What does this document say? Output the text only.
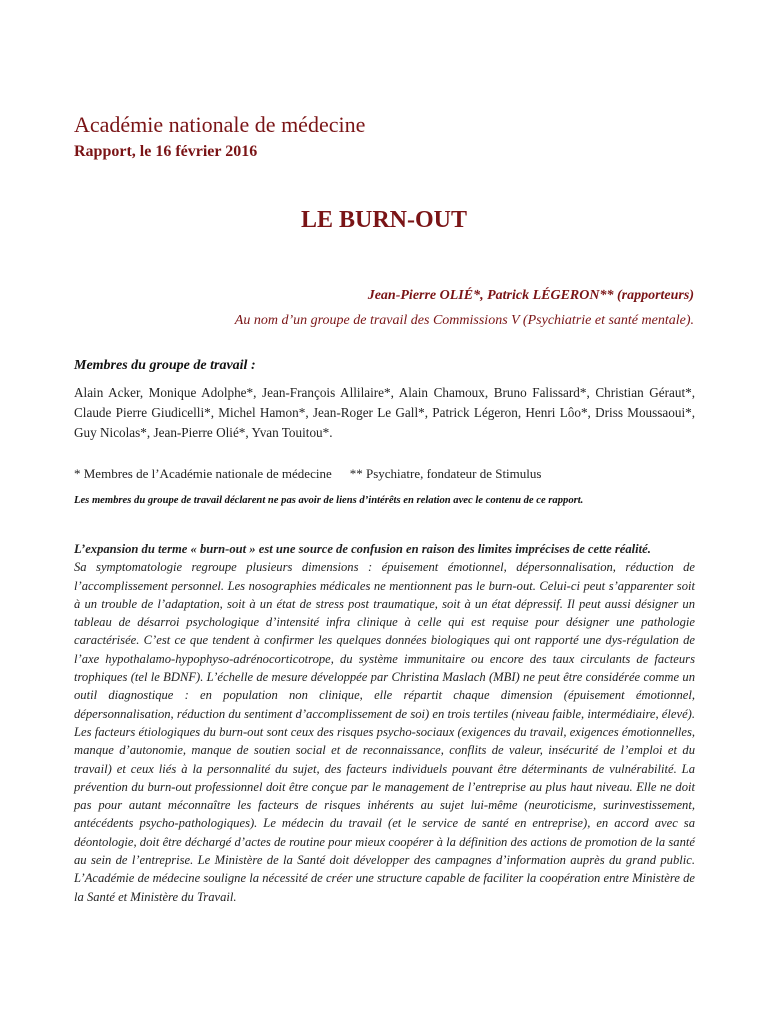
Académie nationale de médecine
Rapport, le 16 février 2016
LE BURN-OUT
Jean-Pierre OLIÉ*, Patrick LÉGERON** (rapporteurs)
Au nom d’un groupe de travail des Commissions V (Psychiatrie et santé mentale).
Membres du groupe de travail :
Alain Acker, Monique Adolphe*, Jean-François Allilaire*, Alain Chamoux, Bruno Falissard*, Christian Géraut*, Claude Pierre Giudicelli*, Michel Hamon*, Jean-Roger Le Gall*, Patrick Légeron, Henri Lôo*, Driss Moussaoui*, Guy Nicolas*, Jean-Pierre Olié*, Yvan Touitou*.
* Membres de l’Académie nationale de médecine ** Psychiatre, fondateur de Stimulus
Les membres du groupe de travail déclarent ne pas avoir de liens d’intérêts en relation avec le contenu de ce rapport.
L’expansion du terme « burn-out » est une source de confusion en raison des limites imprécises de cette réalité.
Sa symptomatologie regroupe plusieurs dimensions : épuisement émotionnel, dépersonnalisation, réduction de l’accomplissement personnel. Les nosographies médicales ne mentionnent pas le burn-out. Celui-ci peut s’apparenter soit à un trouble de l’adaptation, soit à un état de stress post traumatique, soit à un état dépressif. Il peut aussi désigner un tableau de désarroi psychologique d’intensité infra clinique à celle qui est requise pour désigner une pathologie caractérisée. C’est ce que tendent à confirmer les quelques données biologiques qui ont rapporté une dys-régulation de l’axe hypothalamo-hypophyso-adrénocorticotrope, du système immunitaire ou encore des taux circulants de facteurs trophiques (tel le BDNF). L’échelle de mesure développée par Christina Maslach (MBI) ne peut être considérée comme un outil diagnostique : en population non clinique, elle répartit chaque dimension (épuisement émotionnel, dépersonnalisation, réduction du sentiment d’accomplissement de soi) en trois tertiles (niveau faible, intermédiaire, élevé). Les facteurs étiologiques du burn-out sont ceux des risques psycho-sociaux (exigences du travail, exigences émotionnelles, manque d’autonomie, manque de soutien social et de reconnaissance, conflits de valeur, insécurité de l’emploi et du travail) et ceux liés à la personnalité du sujet, des facteurs individuels pouvant être déterminants de vulnérabilité. La prévention du burn-out professionnel doit être conçue par le management de l’entreprise au plus haut niveau. Elle ne doit pas pour autant méconnaître les facteurs de risques inhérents au sujet lui-même (neuroticisme, surinvestissement, antécédents psycho-pathologiques). Le médecin du travail (et le service de santé en entreprise), en accord avec sa déontologie, doit être déchargé d’actes de routine pour mieux coopérer à la définition des actions de promotion de la santé au sein de l’entreprise. Le Ministère de la Santé doit développer des campagnes d’information auprès du grand public. L’Académie de médecine souligne la nécessité de créer une structure capable de faciliter la coopération entre Ministère de la Santé et Ministère du Travail.
